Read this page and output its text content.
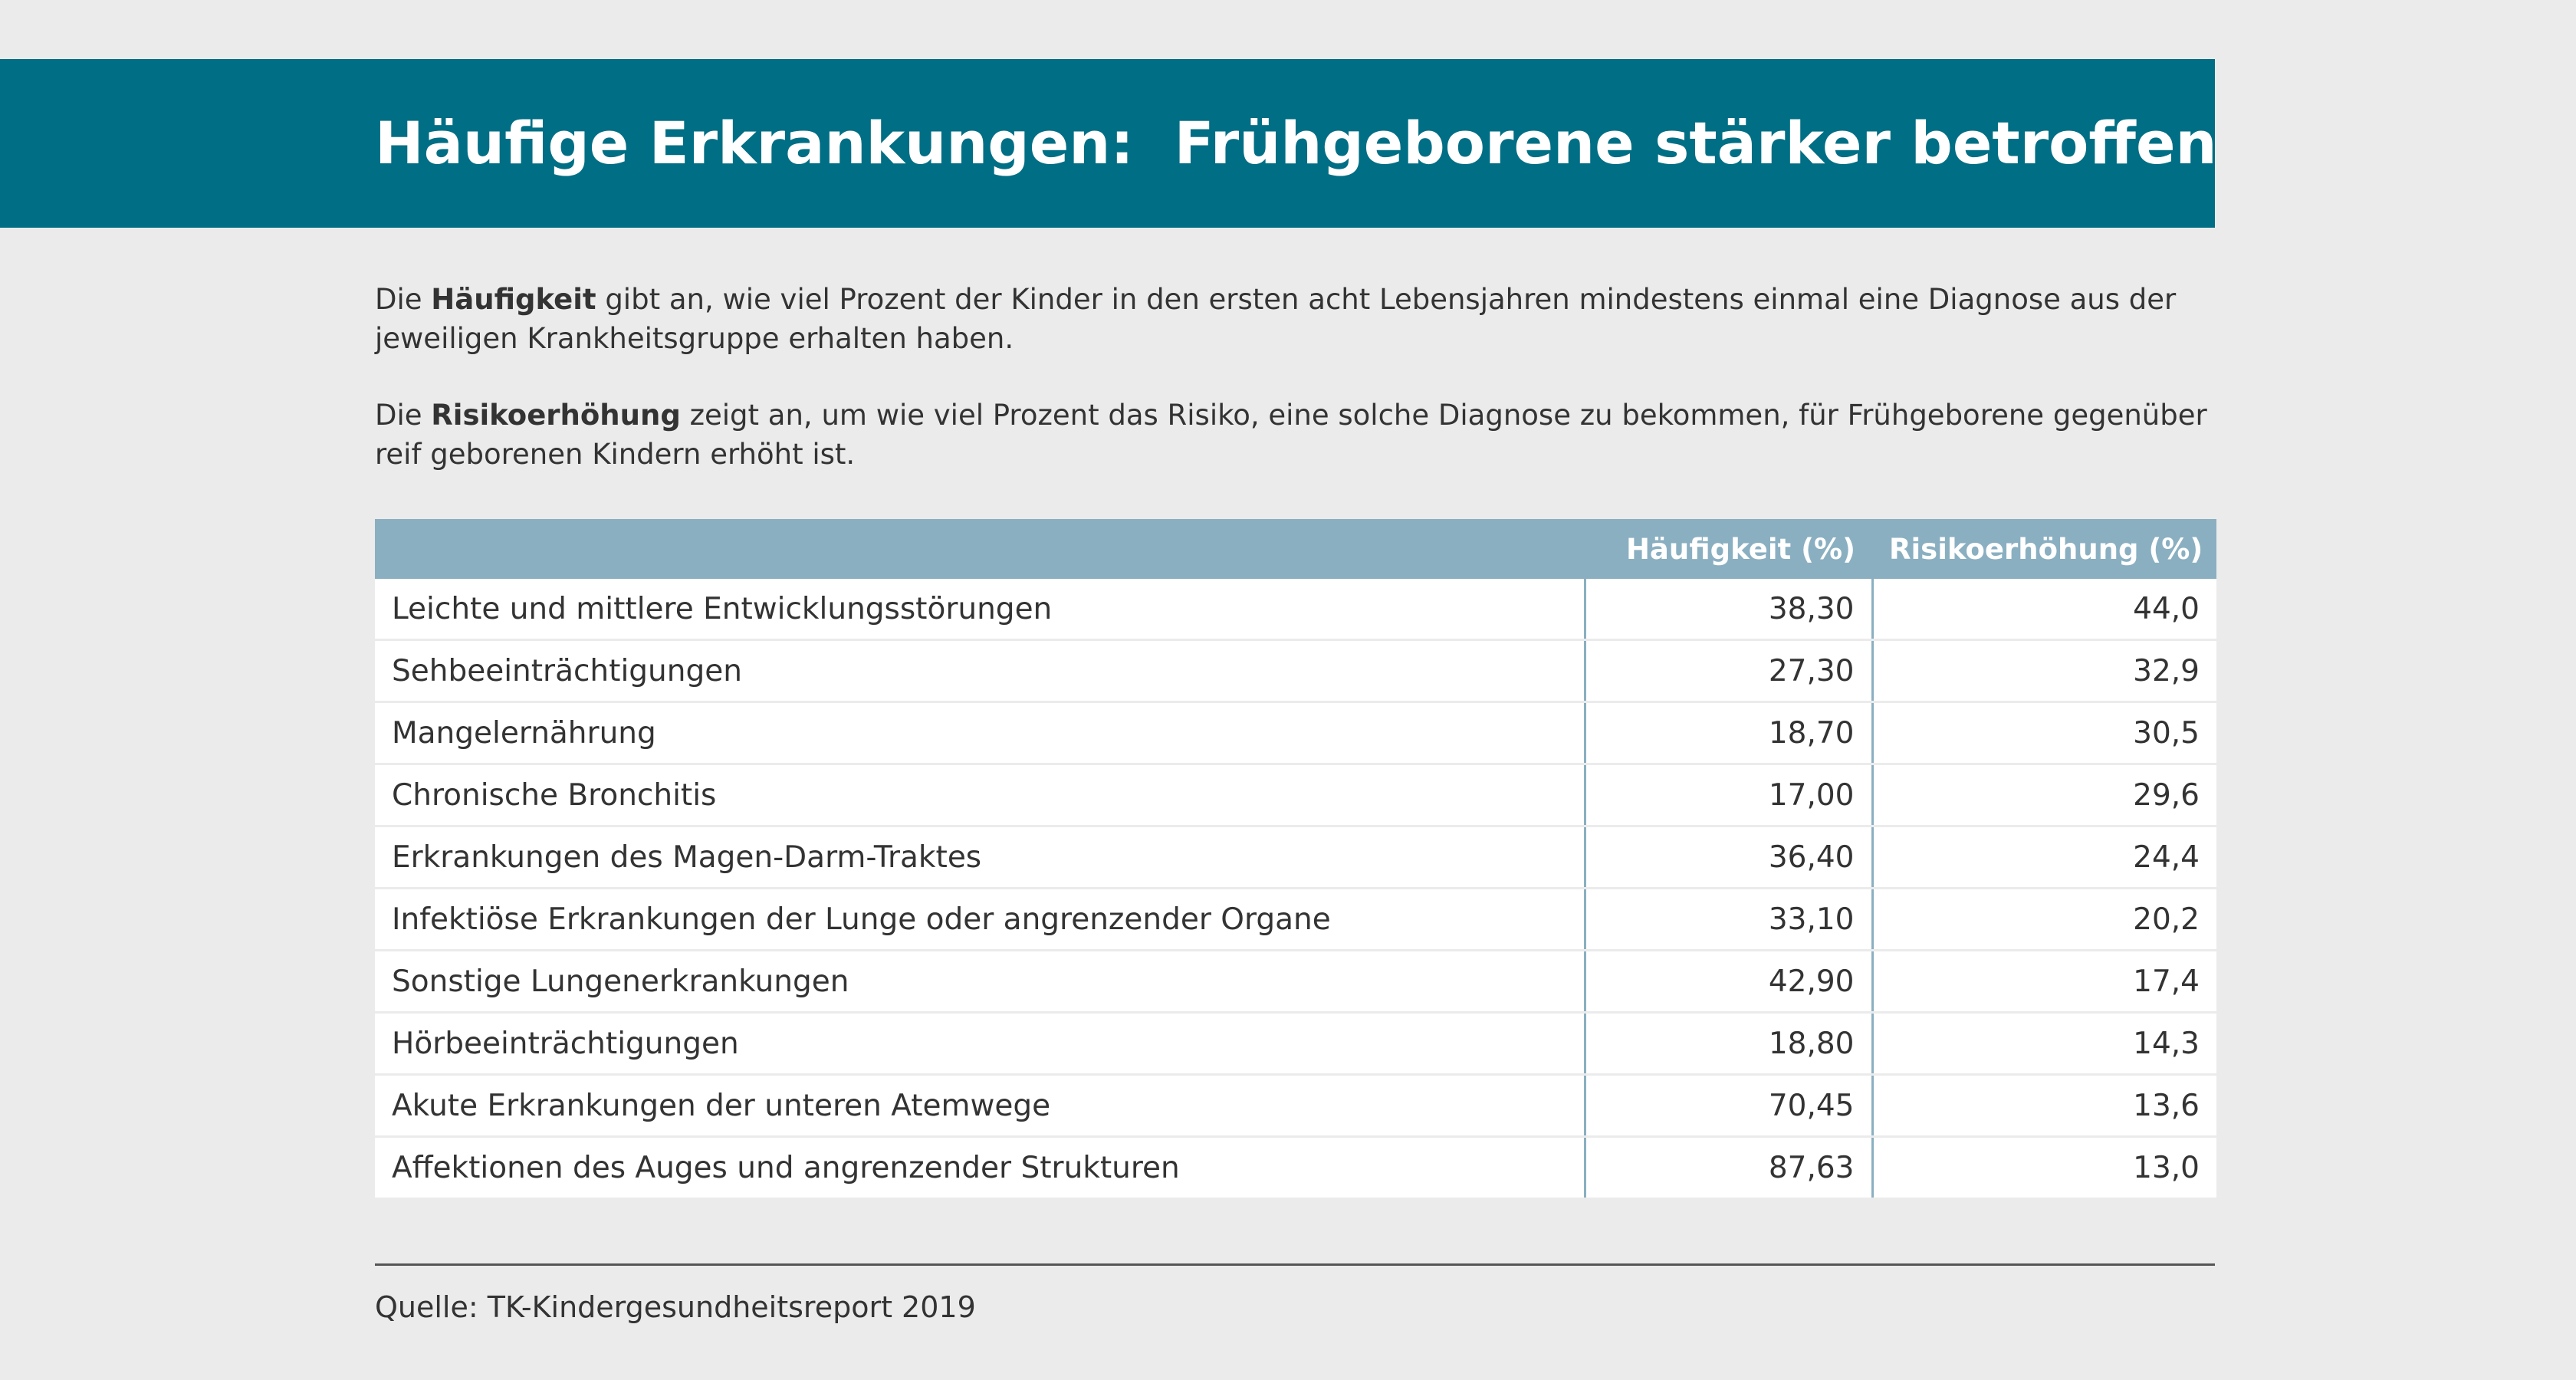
Häufige Erkrankungen:  Frühgeborene stärker betroffen

Die Häufigkeit gibt an, wie viel Prozent der Kinder in den ersten acht Lebensjahren mindestens einmal eine Diagnose aus der jeweiligen Krankheitsgruppe erhalten haben.

Die Risikoerhöhung zeigt an, um wie viel Prozent das Risiko, eine solche Diagnose zu bekommen, für Frühgeborene gegenüber reif geborenen Kindern erhöht ist.

	Häufigkeit (%)	Risikoerhöhung (%)
Leichte und mittlere Entwicklungsstörungen	38,30	44,0
Sehbeeinträchtigungen	27,30	32,9
Mangelernährung	18,70	30,5
Chronische Bronchitis	17,00	29,6
Erkrankungen des Magen-Darm-Traktes	36,40	24,4
Infektiöse Erkrankungen der Lunge oder angrenzender Organe	33,10	20,2
Sonstige Lungenerkrankungen	42,90	17,4
Hörbeeinträchtigungen	18,80	14,3
Akute Erkrankungen der unteren Atemwege	70,45	13,6
Affektionen des Auges und angrenzender Strukturen	87,63	13,0
Quelle: TK-Kindergesundheitsreport 2019
